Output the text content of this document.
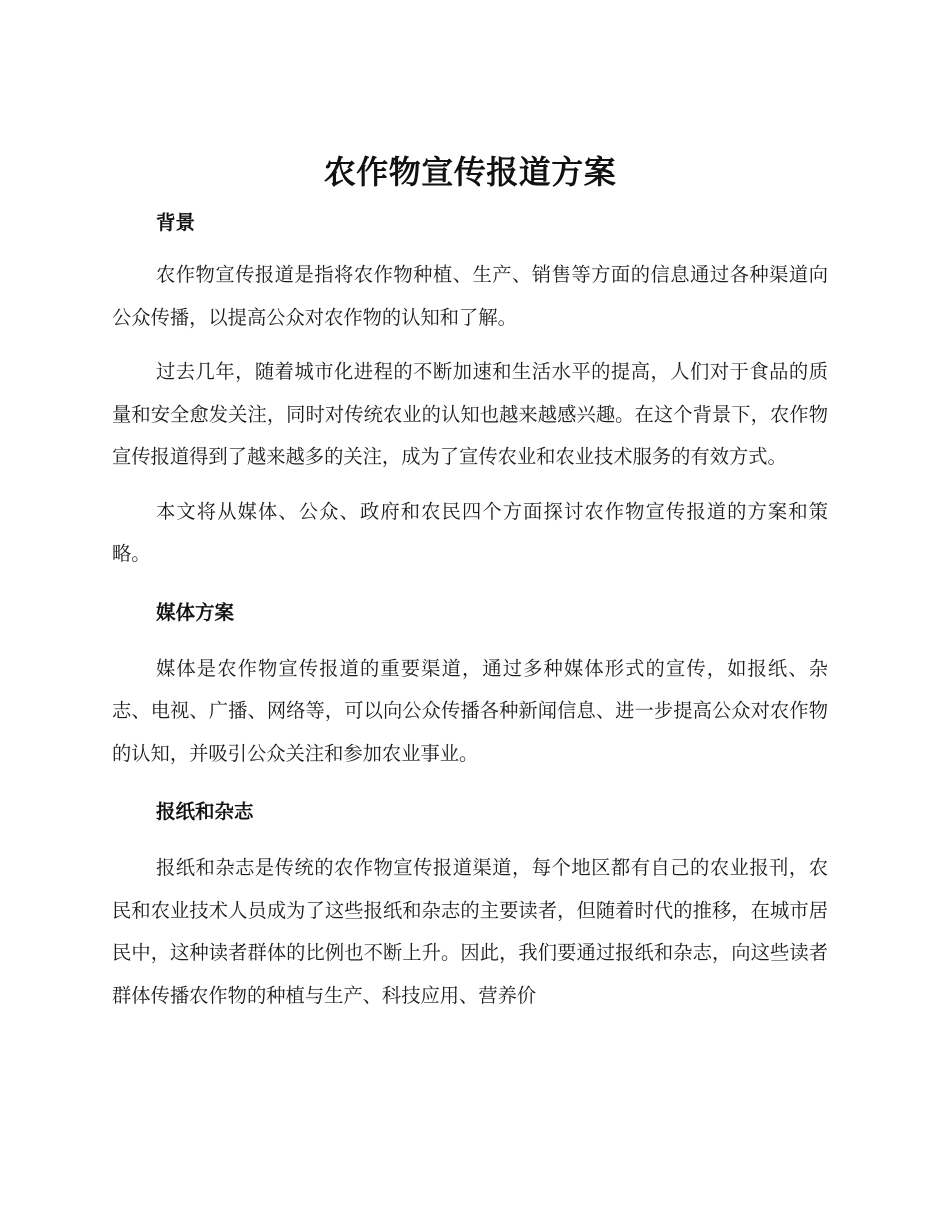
农作物宣传报道方案
背景

农作物宣传报道是指将农作物种植、生产、销售等方面的信息通过各种渠道向公众传播，以提高公众对农作物的认知和了解。

过去几年，随着城市化进程的不断加速和生活水平的提高，人们对于食品的质量和安全愈发关注，同时对传统农业的认知也越来越感兴趣。在这个背景下，农作物宣传报道得到了越来越多的关注，成为了宣传农业和农业技术服务的有效方式。

本文将从媒体、公众、政府和农民四个方面探讨农作物宣传报道的方案和策略。

媒体方案

媒体是农作物宣传报道的重要渠道，通过多种媒体形式的宣传，如报纸、杂志、电视、广播、网络等，可以向公众传播各种新闻信息、进一步提高公众对农作物的认知，并吸引公众关注和参加农业事业。

报纸和杂志

报纸和杂志是传统的农作物宣传报道渠道，每个地区都有自己的农业报刊，农民和农业技术人员成为了这些报纸和杂志的主要读者，但随着时代的推移，在城市居民中，这种读者群体的比例也不断上升。因此，我们要通过报纸和杂志，向这些读者群体传播农作物的种植与生产、科技应用、营养价
